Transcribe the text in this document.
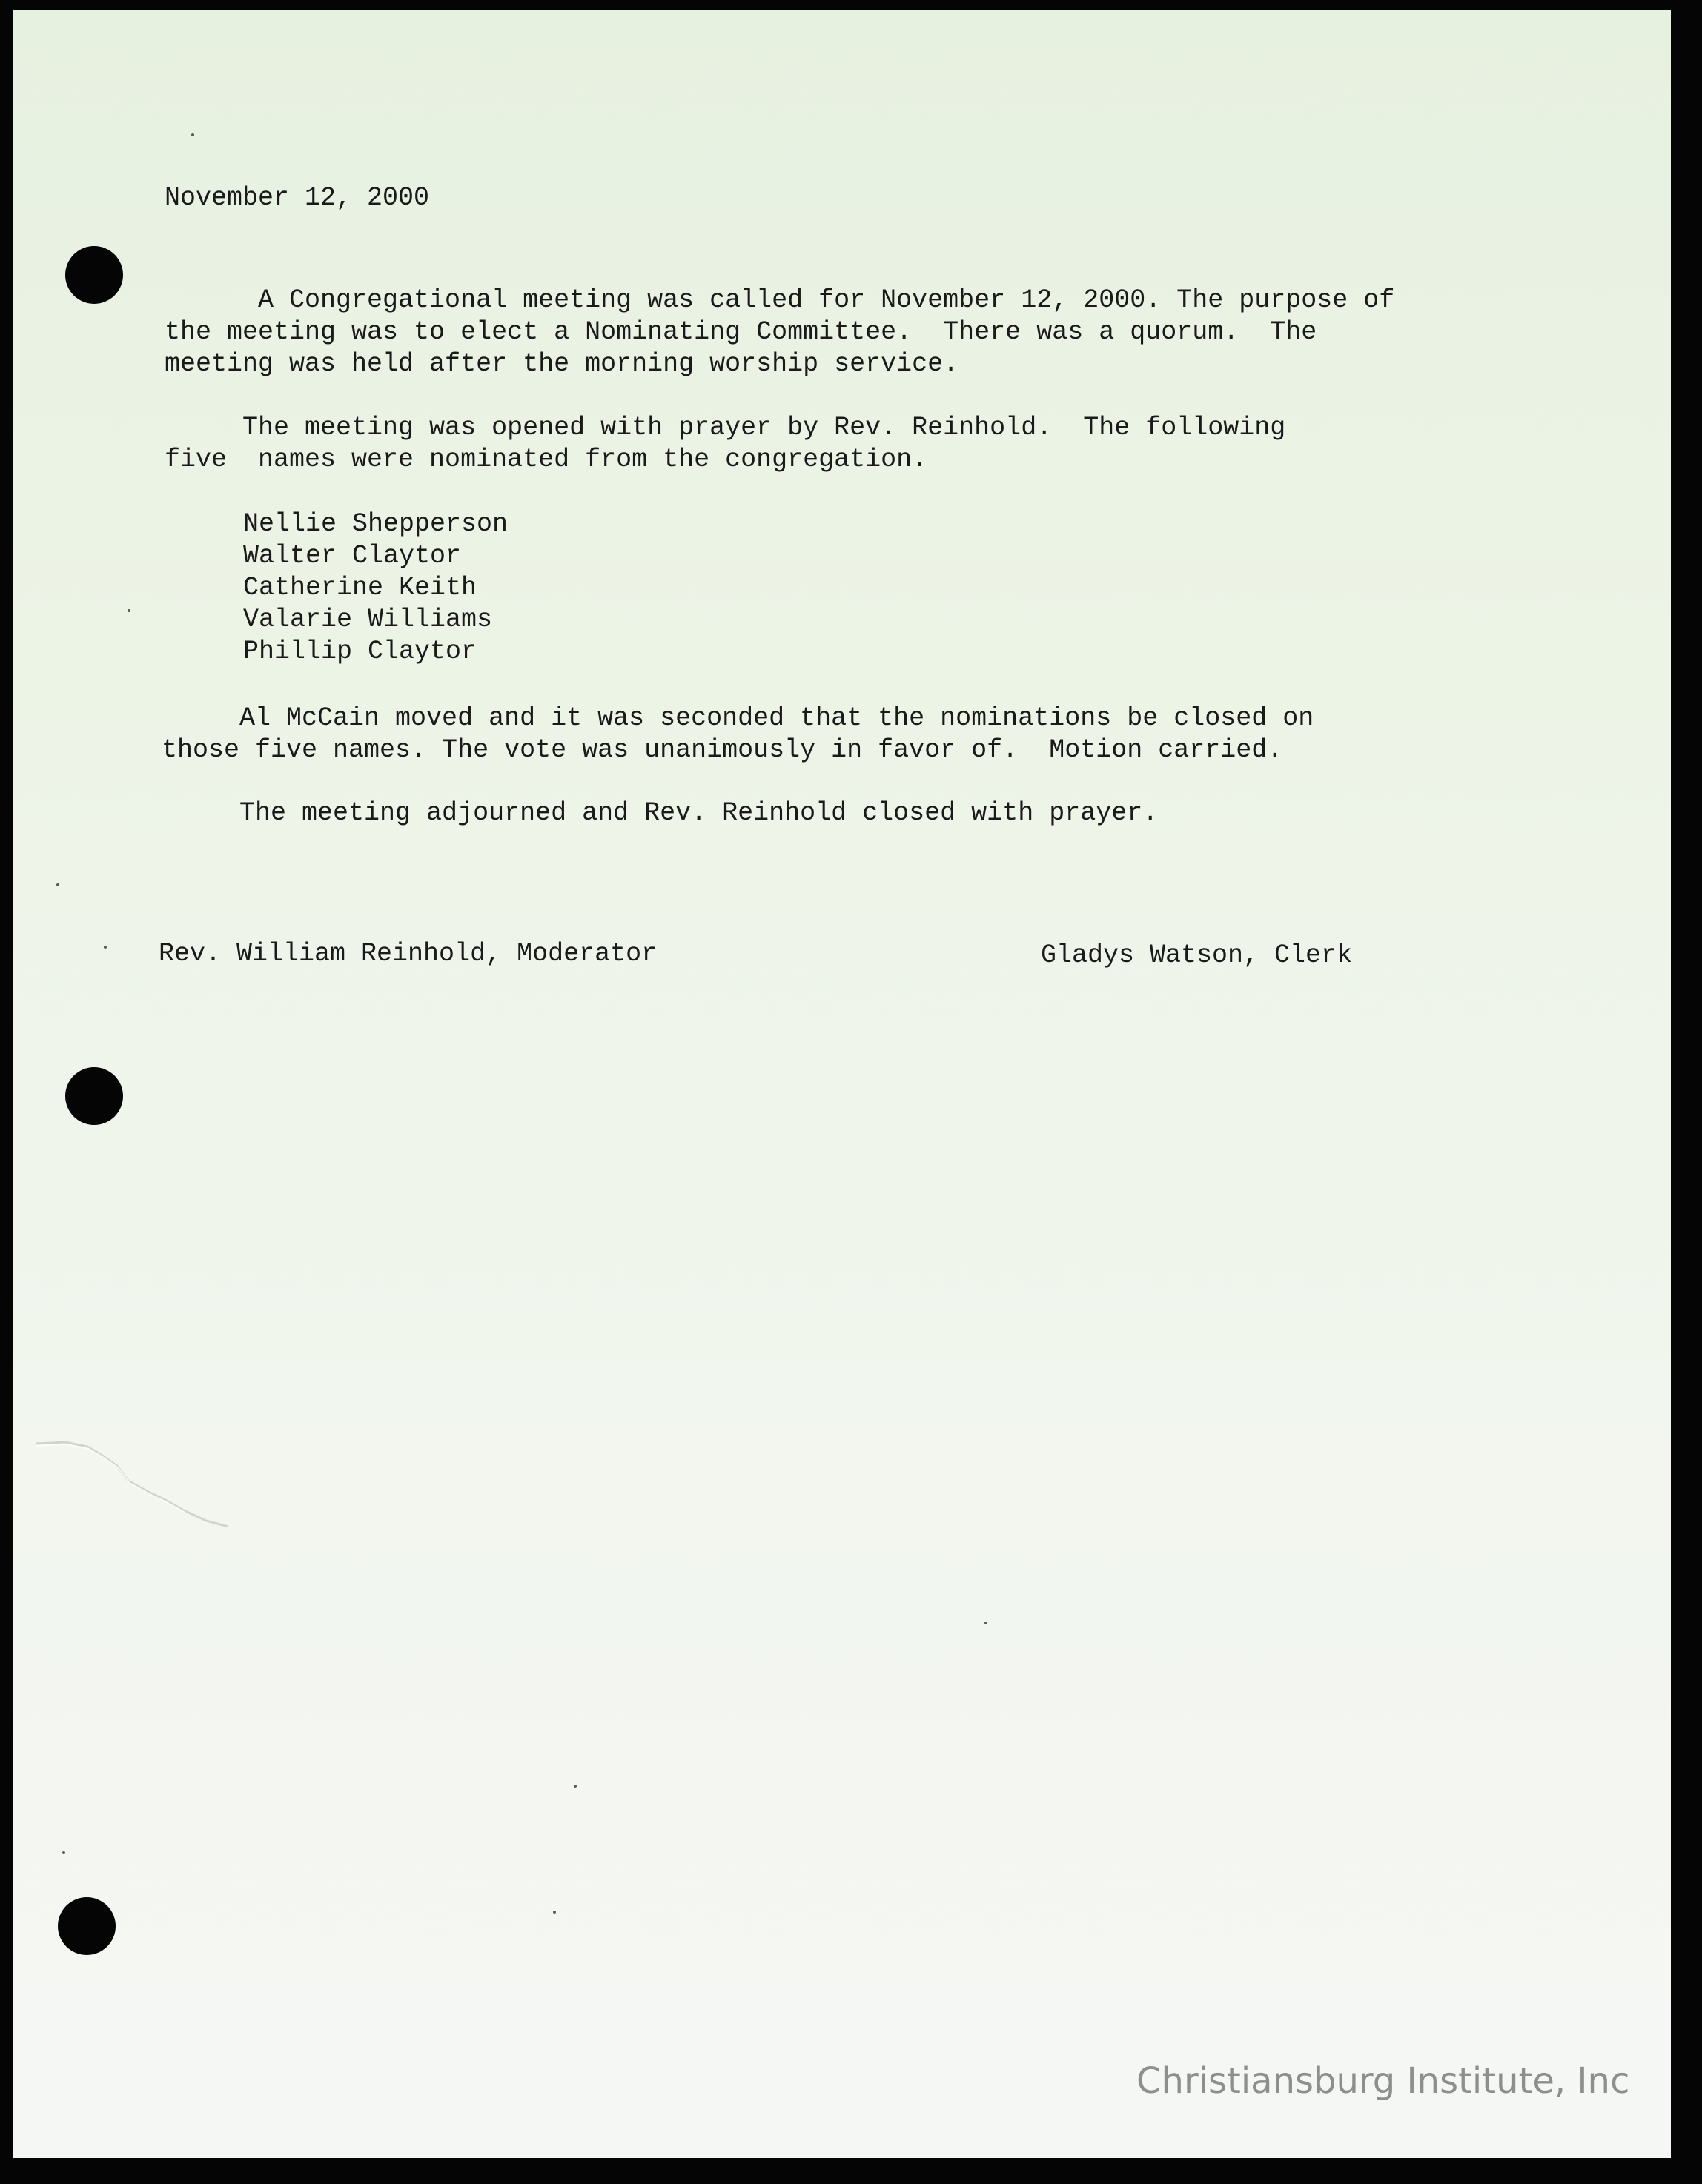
November 12, 2000

A Congregational meeting was called for November 12, 2000. The purpose of
the meeting was to elect a Nominating Committee.  There was a quorum.  The
meeting was held after the morning worship service.

The meeting was opened with prayer by Rev. Reinhold.  The following
five  names were nominated from the congregation.

Nellie Shepperson

Walter Claytor

Catherine Keith

Valarie Williams

Phillip Claytor

Al McCain moved and it was seconded that the nominations be closed on
those five names. The vote was unanimously in favor of.  Motion carried.

The meeting adjourned and Rev. Reinhold closed with prayer.

Rev. William Reinhold, Moderator	Gladys Watson, Clerk

Christiansburg Institute, Inc
